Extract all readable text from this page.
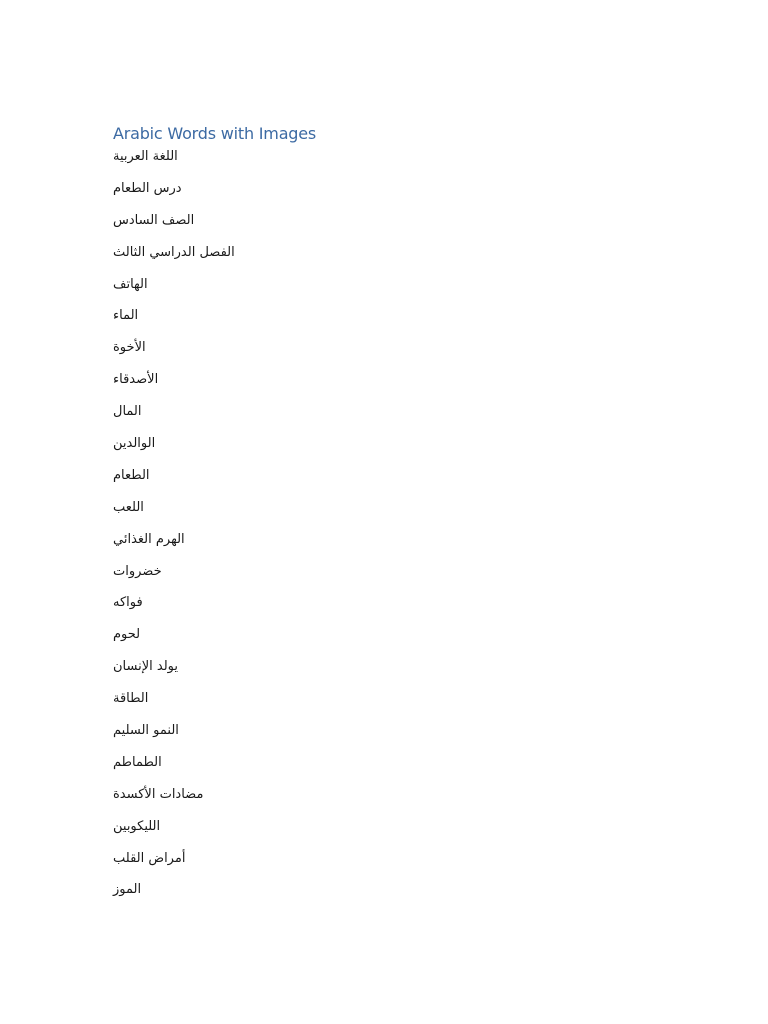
Arabic Words with Images
اللغة العربية
درس الطعام
الصف السادس
الفصل الدراسي الثالث
الهاتف
الماء
الأخوة
الأصدقاء
المال
الوالدين
الطعام
اللعب
الهرم الغذائي
خضروات
فواكه
لحوم
يولد الإنسان
الطاقة
النمو السليم
الطماطم
مضادات الأكسدة
الليكوبين
أمراض القلب
الموز
